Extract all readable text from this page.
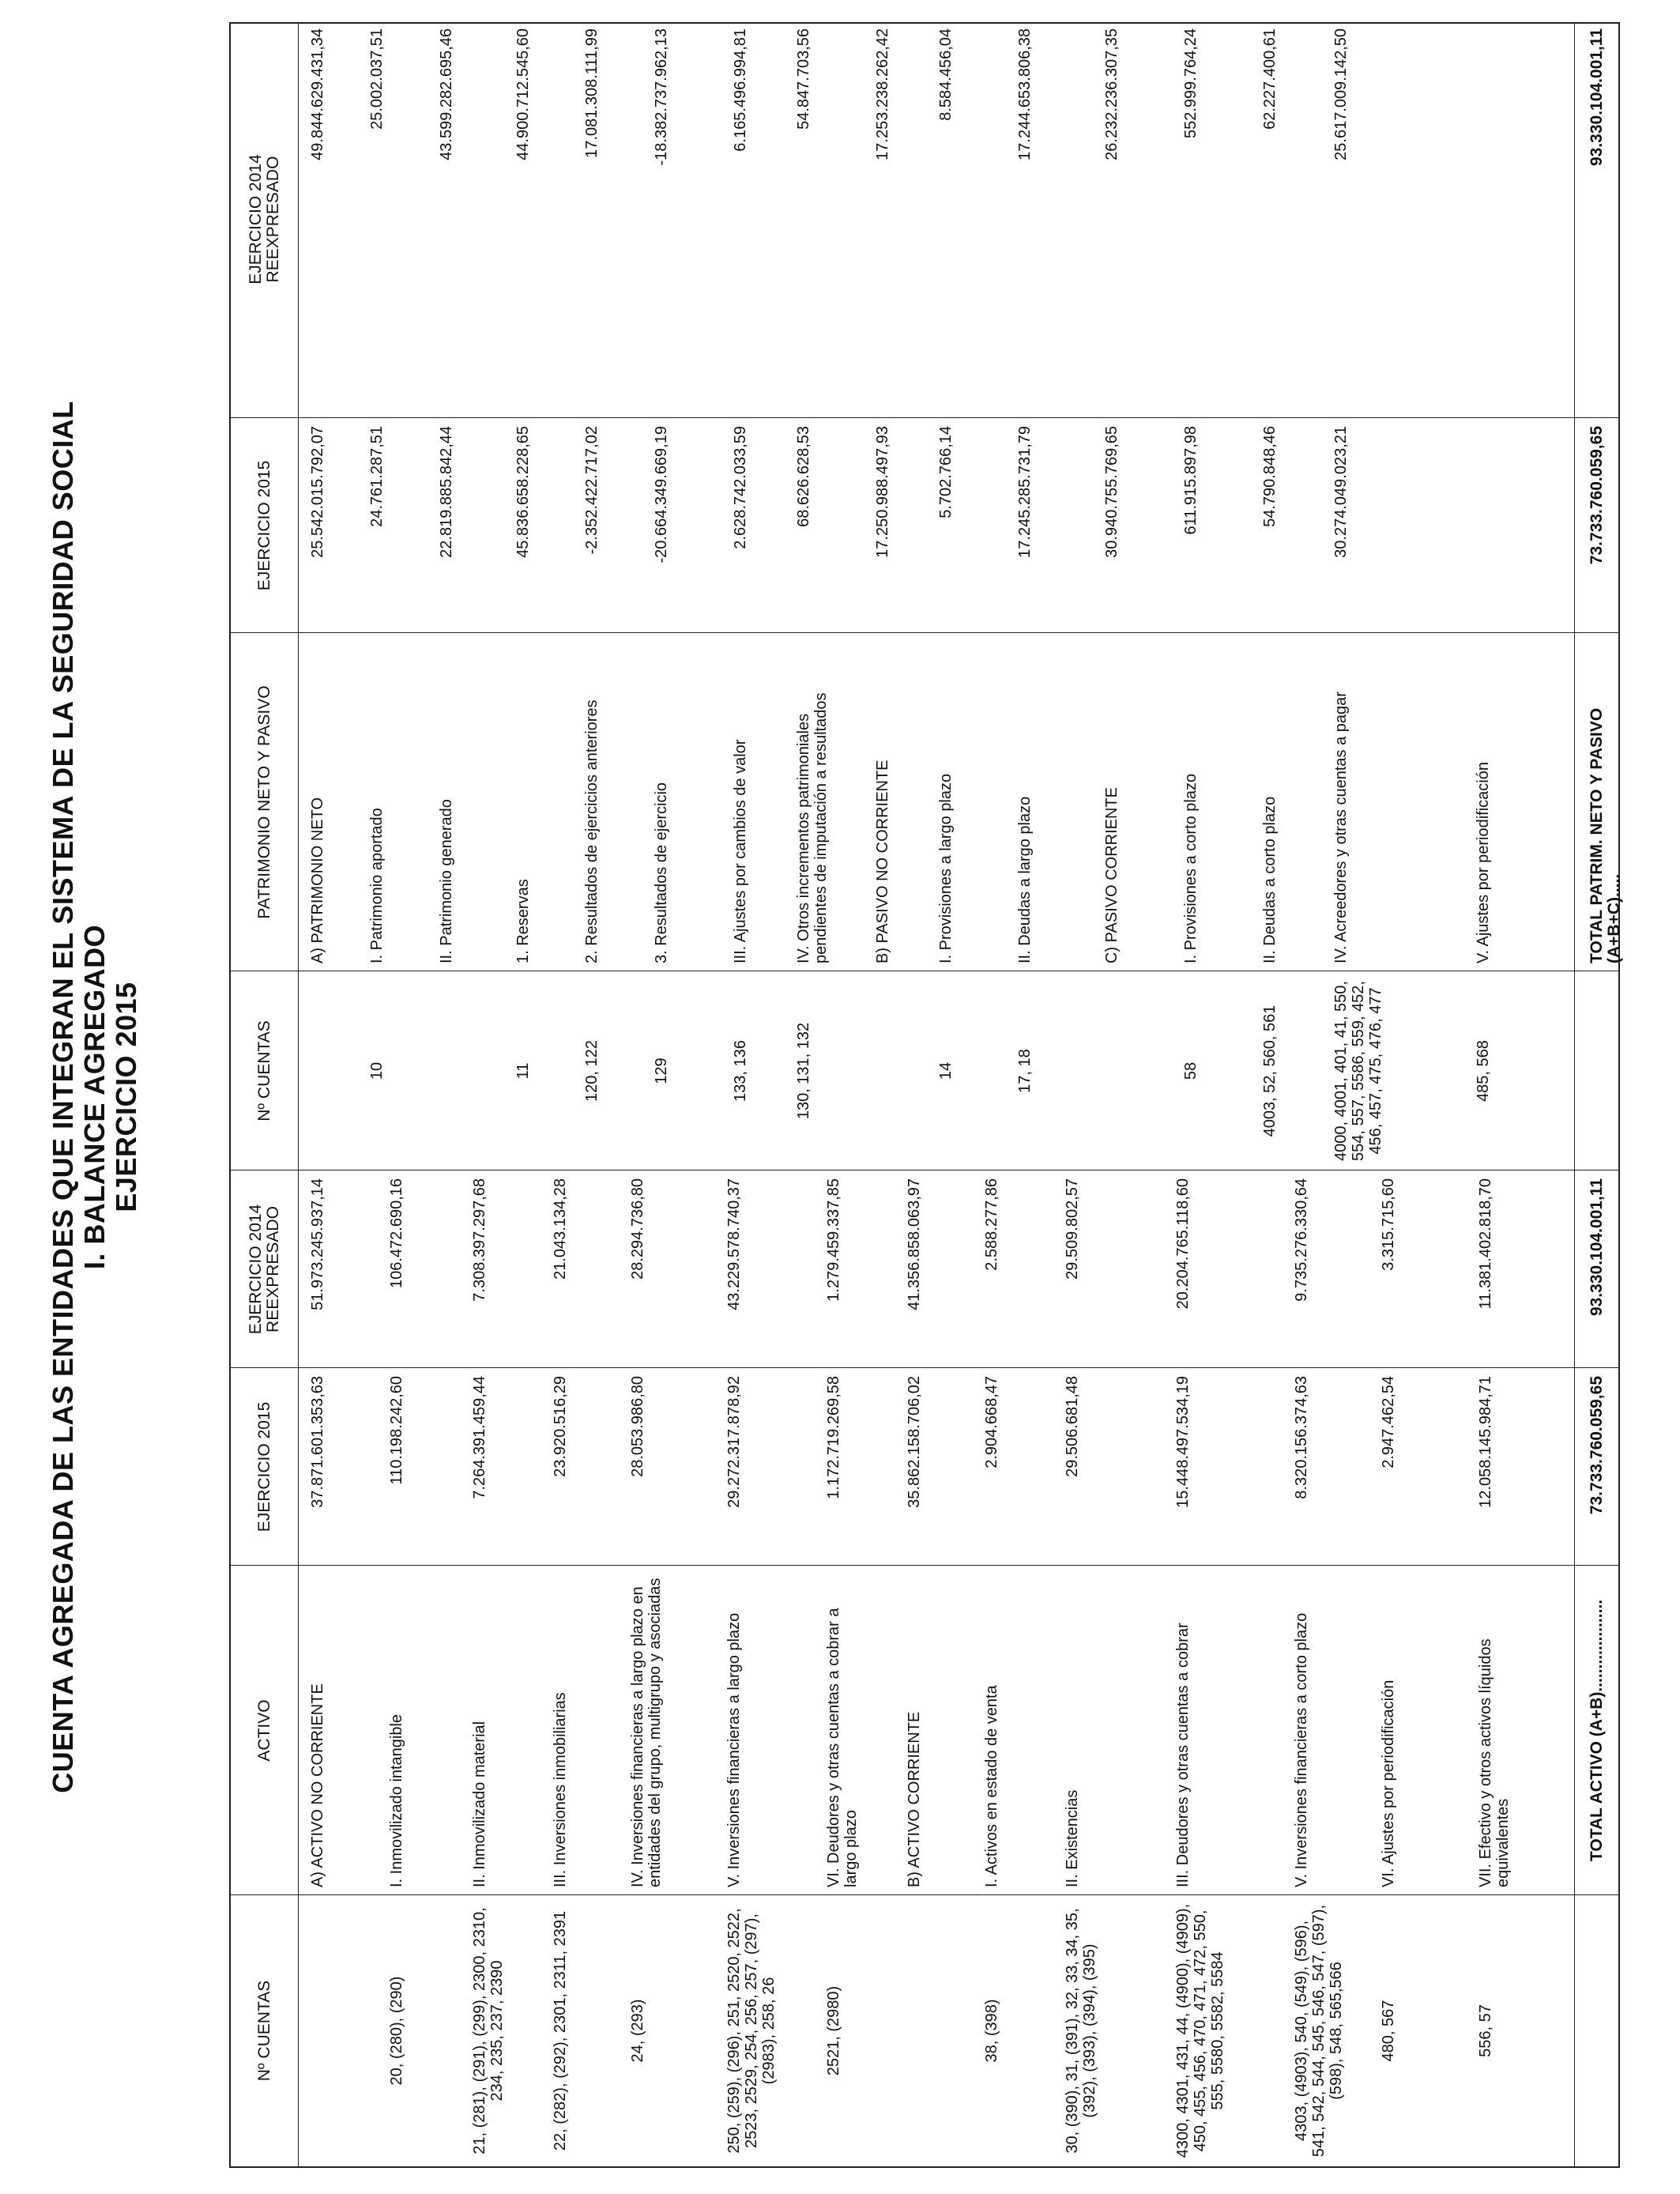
CUENTA AGREGADA DE LAS ENTIDADES QUE INTEGRAN EL SISTEMA DE LA SEGURIDAD SOCIAL I. BALANCE AGREGADO EJERCICIO 2015
Nº CUENTAS
ACTIVO
EJERCICIO 2015
EJERCICIO 2014 REEXPRESADO
Nº CUENTAS
PATRIMONIO NETO Y PASIVO
EJERCICIO 2015
EJERCICIO 2014 REEXPRESADO
A) ACTIVO NO CORRIENTE
37.871.601.353,63
51.973.245.937,14
20, (280), (290)
I. Inmovilizado intangible
110.198.242,60
106.472.690,16
21, (281), (291), (299), 2300, 2310, 234, 235, 237, 2390
II. Inmovilizado material
7.264.391.459,44
7.308.397.297,68
22, (282), (292), 2301, 2311, 2391
III. Inversiones inmobiliarias
23.920.516,29
21.043.134,28
24, (293)
IV. Inversiones financieras a largo plazo en entidades del grupo, multigrupo y asociadas
28.053.986,80
28.294.736,80
250, (259), (296), 251, 2520, 2522, 2523, 2529, 254, 256, 257, (297), (2983), 258, 26
V. Inversiones financieras a largo plazo
29.272.317.878,92
43.229.578.740,37
2521, (2980)
VI. Deudores y otras cuentas a cobrar a largo plazo
1.172.719.269,58
1.279.459.337,85
B) ACTIVO CORRIENTE
35.862.158.706,02
41.356.858.063,97
38, (398)
I. Activos en estado de venta
2.904.668,47
2.588.277,86
30, (390), 31, (391), 32, 33, 34, 35, (392), (393), (394), (395)
II. Existencias
29.506.681,48
29.509.802,57
4300, 4301, 431, 44, (4900), (4909), 450, 455, 456, 470, 471, 472, 550, 555, 5580, 5582, 5584
III. Deudores y otras cuentas a cobrar
15.448.497.534,19
20.204.765.118,60
4303, (4903), 540, (549), (596), 541, 542, 544, 545, 546, 547, (597), (598), 548, 565,566
V. Inversiones financieras a corto plazo
8.320.156.374,63
9.735.276.330,64
480, 567
VI. Ajustes por periodificación
2.947.462,54
3.315.715,60
556, 57
VII. Efectivo y otros activos líquidos equivalentes
12.058.145.984,71
11.381.402.818,70
A) PATRIMONIO NETO
25.542.015.792,07
49.844.629.431,34
10
I. Patrimonio aportado
24.761.287,51
25.002.037,51
II. Patrimonio generado
22.819.885.842,44
43.599.282.695,46
11
1. Reservas
45.836.658.228,65
44.900.712.545,60
120, 122
2. Resultados de ejercicios anteriores
-2.352.422.717,02
17.081.308.111,99
129
3. Resultados de ejercicio
-20.664.349.669,19
-18.382.737.962,13
133, 136
III. Ajustes por cambios de valor
2.628.742.033,59
6.165.496.994,81
130, 131, 132
IV. Otros incrementos patrimoniales pendientes de imputación a resultados
68.626.628,53
54.847.703,56
B) PASIVO NO CORRIENTE
17.250.988.497,93
17.253.238.262,42
14
I. Provisiones a largo plazo
5.702.766,14
8.584.456,04
17, 18
II. Deudas a largo plazo
17.245.285.731,79
17.244.653.806,38
C) PASIVO CORRIENTE
30.940.755.769,65
26.232.236.307,35
58
I. Provisiones a corto plazo
611.915.897,98
552.999.764,24
4003, 52, 560, 561
II. Deudas a corto plazo
54.790.848,46
62.227.400,61
4000, 4001, 401, 41, 550, 554, 557, 5586, 559, 452, 456, 457, 475, 476, 477
IV. Acreedores y otras cuentas a pagar
30.274.049.023,21
25.617.009.142,50
485, 568
V. Ajustes por periodificación
TOTAL ACTIVO (A+B)....................
73.733.760.059,65
93.330.104.001,11
TOTAL PATRIM. NETO Y PASIVO (A+B+C).....
73.733.760.059,65
93.330.104.001,11
